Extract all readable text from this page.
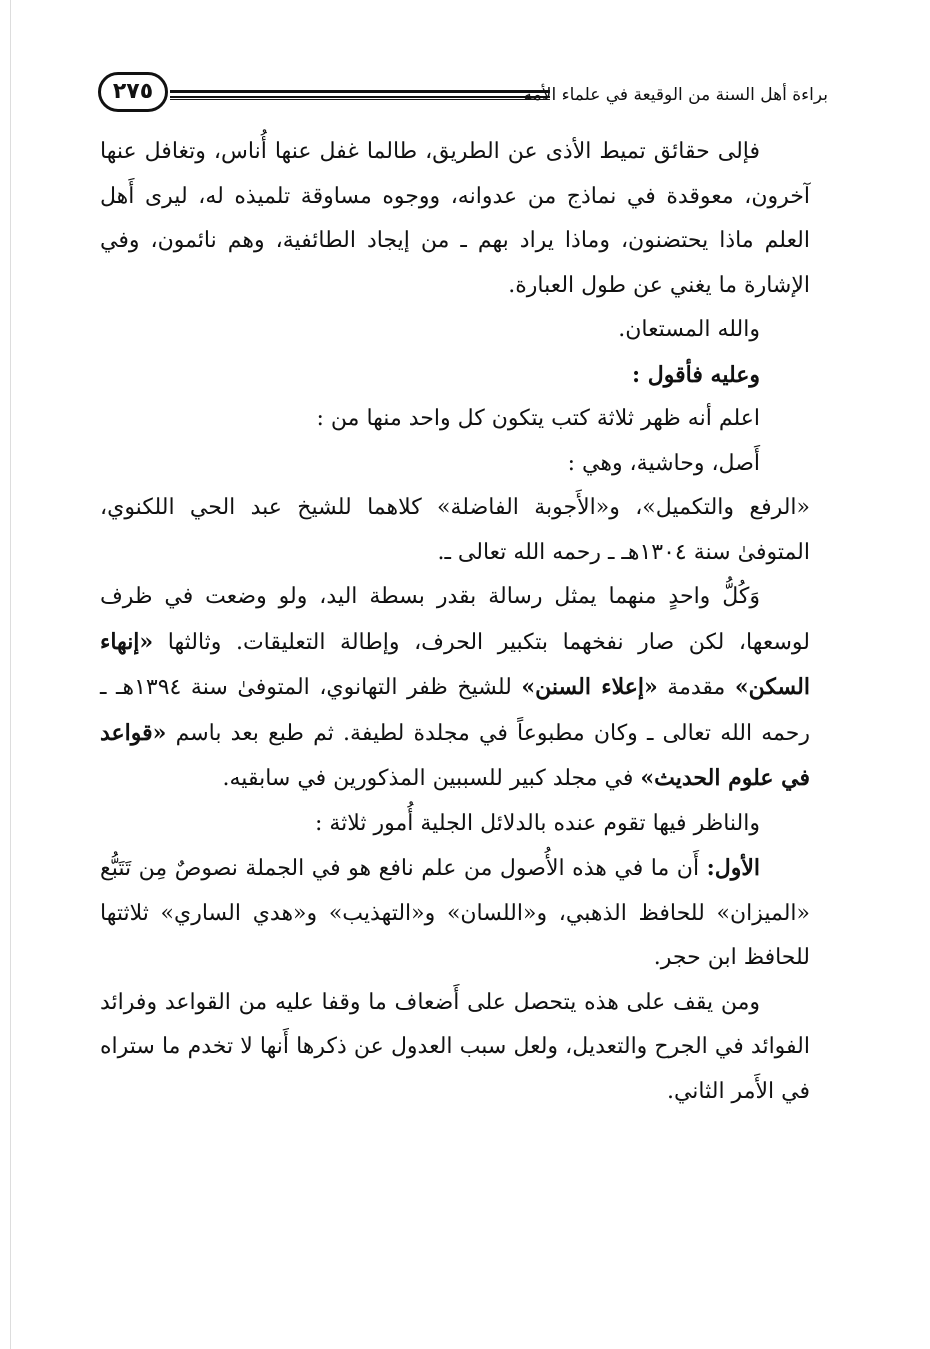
براءة أهل السنة من الوقيعة في علماء الأمة
٢٧٥

فإلى حقائق تميط الأذى عن الطريق، طالما غفل عنها أُناس، وتغافل عنها آخرون، معوقدة في نماذج من عدوانه، ووجوه مساوقة تلميذه له، ليرى أَهل العلم ماذا يحتضنون، وماذا يراد بهم ـ من إيجاد الطائفية، وهم نائمون، وفي الإشارة ما يغني عن طول العبارة.

والله المستعان.

وعليه فأقول :

اعلم أنه ظهر ثلاثة كتب يتكون كل واحد منها من :

أَصل، وحاشية، وهي :

«الرفع والتكميل»، و«الأَجوبة الفاضلة» كلاهما للشيخ عبد الحي اللكنوي، المتوفىٰ سنة ١٣٠٤هـ ـ رحمه الله تعالى ـ.

وَكُلُّ واحدٍ منهما يمثل رسالة بقدر بسطة اليد، ولو وضعت في ظرف لوسعها، لكن صار نفخهما بتكبير الحرف، وإطالة التعليقات. وثالثها «إنهاء السكن» مقدمة «إعلاء السنن» للشيخ ظفر التهانوي، المتوفىٰ سنة ١٣٩٤هـ ـ رحمه الله تعالى ـ وكان مطبوعاً في مجلدة لطيفة. ثم طبع بعد باسم «قواعد في علوم الحديث» في مجلد كبير للسببين المذكورين في سابقيه.

والناظر فيها تقوم عنده بالدلائل الجلية أُمور ثلاثة :

الأول: أَن ما في هذه الأُصول من علم نافع هو في الجملة نصوصٌ مِن تَتَبُّع «الميزان» للحافظ الذهبي، و«اللسان» و«التهذيب» و«هدي الساري» ثلاثتها للحافظ ابن حجر.

ومن يقف على هذه يتحصل على أَضعاف ما وقفا عليه من القواعد وفرائد الفوائد في الجرح والتعديل، ولعل سبب العدول عن ذكرها أَنها لا تخدم ما ستراه في الأَمر الثاني.
